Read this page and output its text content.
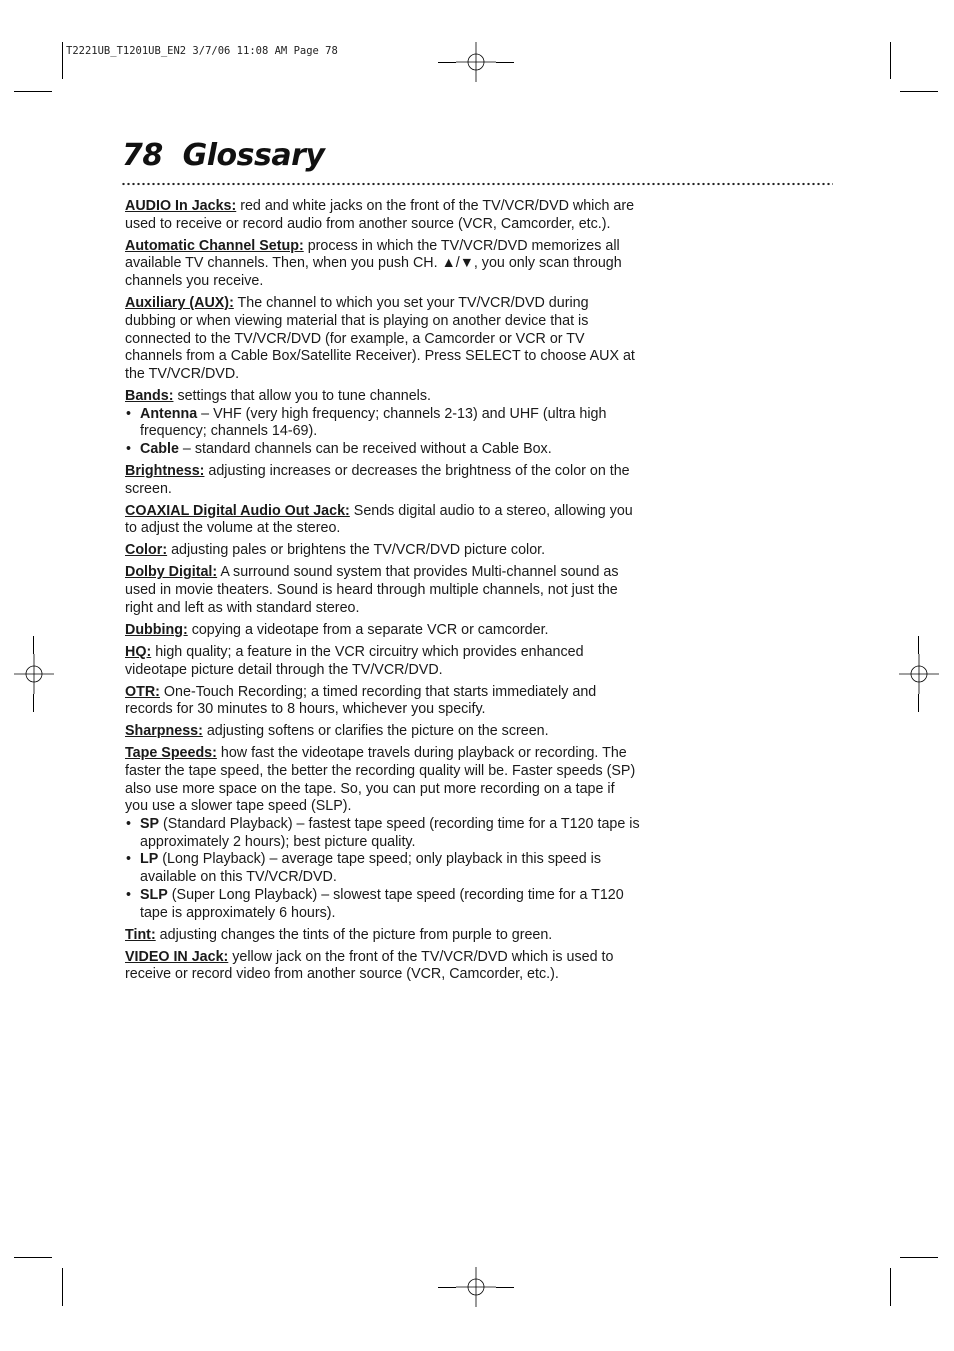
T2221UB_T1201UB_EN2 3/7/06 11:08 AM Page 78
78 Glossary

AUDIO In Jacks: red and white jacks on the front of the TV/VCR/DVD which are used to receive or record audio from another source (VCR, Camcorder, etc.).

Automatic Channel Setup: process in which the TV/VCR/DVD memorizes all available TV channels. Then, when you push CH. ▲/▼, you only scan through channels you receive.

Auxiliary (AUX): The channel to which you set your TV/VCR/DVD during dubbing or when viewing material that is playing on another device that is connected to the TV/VCR/DVD (for example, a Camcorder or VCR or TV channels from a Cable Box/Satellite Receiver). Press SELECT to choose AUX at the TV/VCR/DVD.

Bands: settings that allow you to tune channels.

• Antenna – VHF (very high frequency; channels 2-13) and UHF (ultra high frequency; channels 14-69).
• Cable – standard channels can be received without a Cable Box.

Brightness: adjusting increases or decreases the brightness of the color on the screen.

COAXIAL Digital Audio Out Jack: Sends digital audio to a stereo, allowing you to adjust the volume at the stereo.

Color: adjusting pales or brightens the TV/VCR/DVD picture color.

Dolby Digital: A surround sound system that provides Multi-channel sound as used in movie theaters. Sound is heard through multiple channels, not just the right and left as with standard stereo.

Dubbing: copying a videotape from a separate VCR or camcorder.

HQ: high quality; a feature in the VCR circuitry which provides enhanced videotape picture detail through the TV/VCR/DVD.

OTR: One-Touch Recording; a timed recording that starts immediately and records for 30 minutes to 8 hours, whichever you specify.

Sharpness: adjusting softens or clarifies the picture on the screen.

Tape Speeds: how fast the videotape travels during playback or recording. The faster the tape speed, the better the recording quality will be. Faster speeds (SP) also use more space on the tape. So, you can put more recording on a tape if you use a slower tape speed (SLP).

• SP (Standard Playback) – fastest tape speed (recording time for a T120 tape is approximately 2 hours); best picture quality.
• LP (Long Playback) – average tape speed; only playback in this speed is available on this TV/VCR/DVD.
• SLP (Super Long Playback) – slowest tape speed (recording time for a T120 tape is approximately 6 hours).

Tint: adjusting changes the tints of the picture from purple to green.

VIDEO IN Jack: yellow jack on the front of the TV/VCR/DVD which is used to receive or record video from another source (VCR, Camcorder, etc.).
